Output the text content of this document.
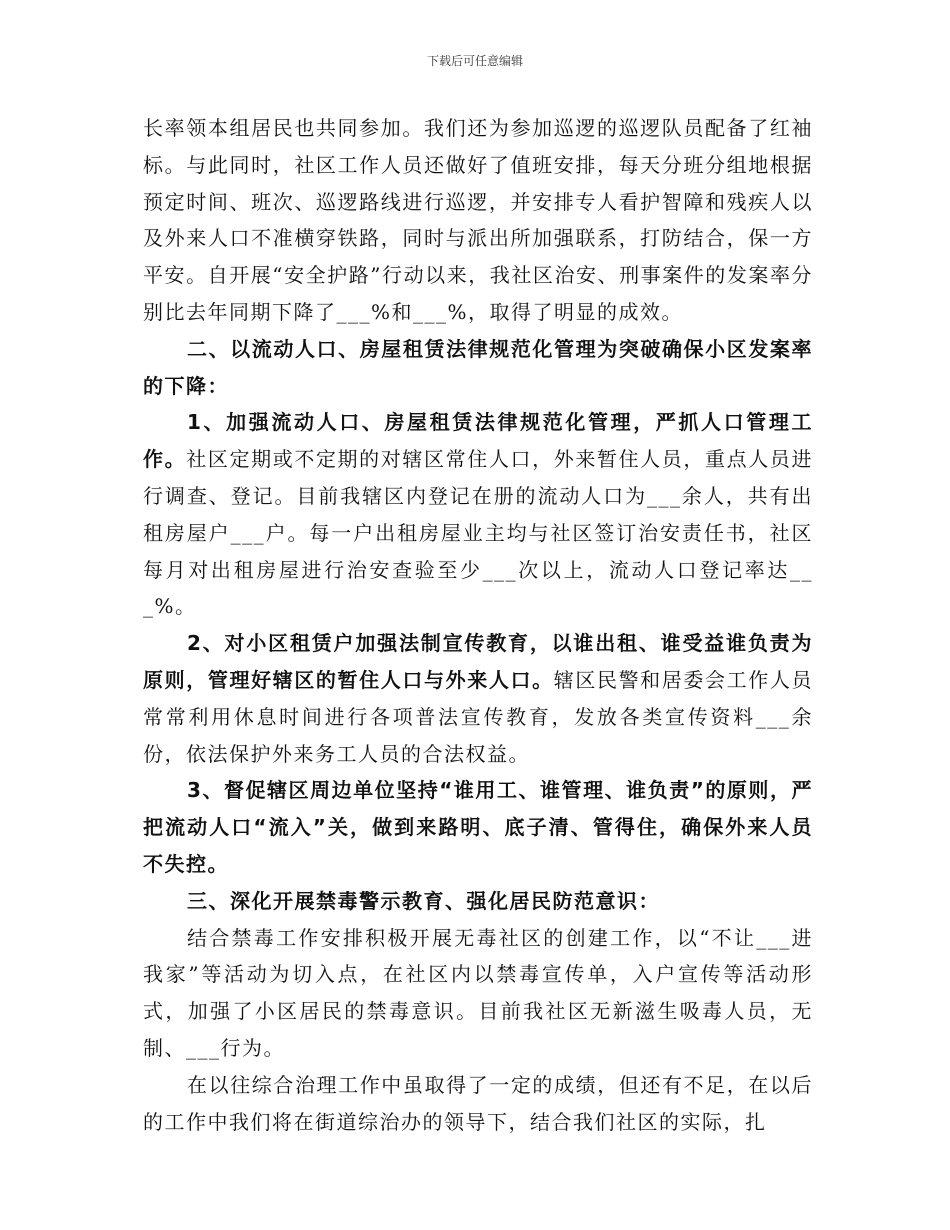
下载后可任意编辑

长率领本组居民也共同参加。我们还为参加巡逻的巡逻队员配备了红袖标。与此同时，社区工作人员还做好了值班安排，每天分班分组地根据预定时间、班次、巡逻路线进行巡逻，并安排专人看护智障和残疾人以及外来人口不准横穿铁路，同时与派出所加强联系，打防结合，保一方平安。自开展“安全护路”行动以来，我社区治安、刑事案件的发案率分别比去年同期下降了___%和___%，取得了明显的成效。

二、以流动人口、房屋租赁法律规范化管理为突破确保小区发案率的下降：

1、加强流动人口、房屋租赁法律规范化管理，严抓人口管理工作。社区定期或不定期的对辖区常住人口，外来暂住人员，重点人员进行调查、登记。目前我辖区内登记在册的流动人口为___余人，共有出租房屋户___户。每一户出租房屋业主均与社区签订治安责任书，社区每月对出租房屋进行治安查验至少___次以上，流动人口登记率达___%。

2、对小区租赁户加强法制宣传教育，以谁出租、谁受益谁负责为原则，管理好辖区的暂住人口与外来人口。辖区民警和居委会工作人员常常利用休息时间进行各项普法宣传教育，发放各类宣传资料___余份，依法保护外来务工人员的合法权益。

3、督促辖区周边单位坚持“谁用工、谁管理、谁负责”的原则，严把流动人口“流入”关，做到来路明、底子清、管得住，确保外来人员不失控。

三、深化开展禁毒警示教育、强化居民防范意识：

结合禁毒工作安排积极开展无毒社区的创建工作，以“不让___进我家”等活动为切入点，在社区内以禁毒宣传单，入户宣传等活动形式，加强了小区居民的禁毒意识。目前我社区无新滋生吸毒人员，无制、___行为。

在以往综合治理工作中虽取得了一定的成绩，但还有不足，在以后的工作中我们将在街道综治办的领导下，结合我们社区的实际，扎
